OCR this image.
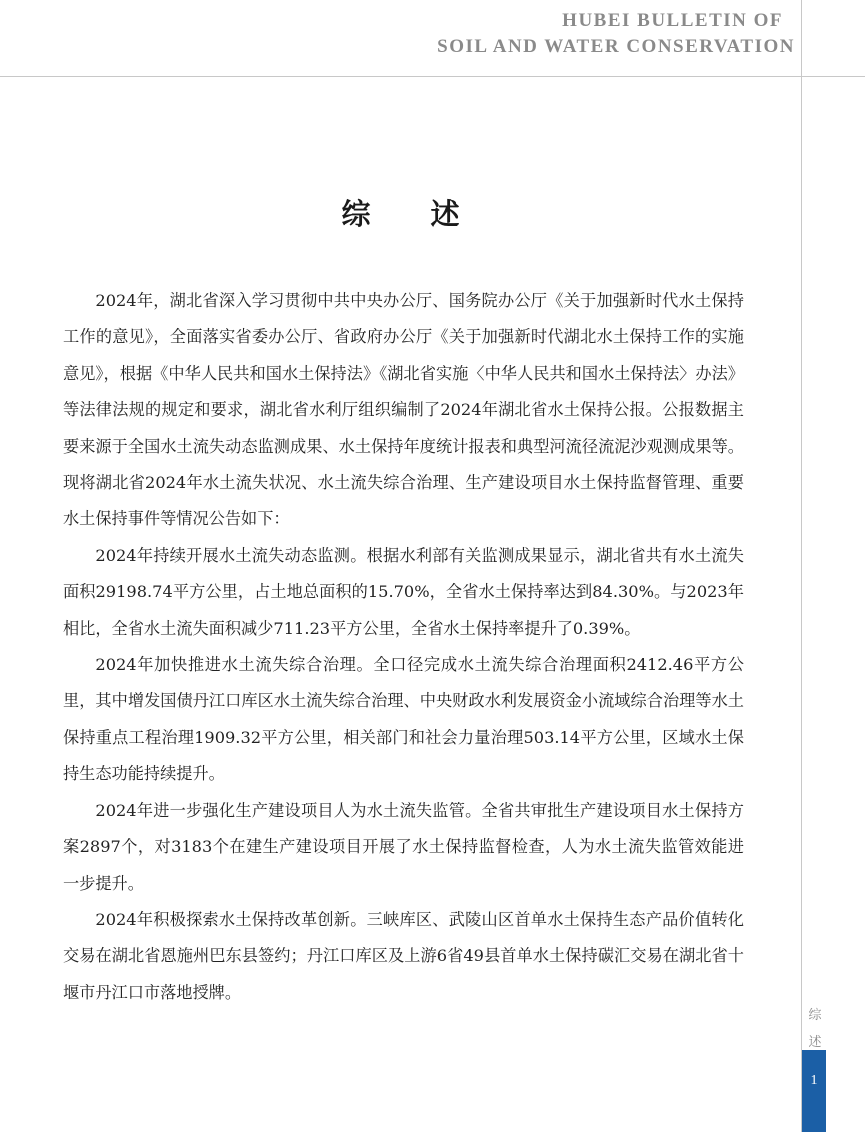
HUBEI BULLETIN OF
SOIL AND WATER CONSERVATION
综述

2024年，湖北省深入学习贯彻中共中央办公厅、国务院办公厅《关于加强新时代水土保持工作的意见》，全面落实省委办公厅、省政府办公厅《关于加强新时代湖北水土保持工作的实施意见》，根据《中华人民共和国水土保持法》《湖北省实施〈中华人民共和国水土保持法〉办法》等法律法规的规定和要求，湖北省水利厅组织编制了2024年湖北省水土保持公报。公报数据主要来源于全国水土流失动态监测成果、水土保持年度统计报表和典型河流径流泥沙观测成果等。现将湖北省2024年水土流失状况、水土流失综合治理、生产建设项目水土保持监督管理、重要水土保持事件等情况公告如下：

2024年持续开展水土流失动态监测。根据水利部有关监测成果显示，湖北省共有水土流失面积29198.74平方公里，占土地总面积的15.70%，全省水土保持率达到84.30%。与2023年相比，全省水土流失面积减少711.23平方公里，全省水土保持率提升了0.39%。

2024年加快推进水土流失综合治理。全口径完成水土流失综合治理面积2412.46平方公里，其中增发国债丹江口库区水土流失综合治理、中央财政水利发展资金小流域综合治理等水土保持重点工程治理1909.32平方公里，相关部门和社会力量治理503.14平方公里，区域水土保持生态功能持续提升。

2024年进一步强化生产建设项目人为水土流失监管。全省共审批生产建设项目水土保持方案2897个，对3183个在建生产建设项目开展了水土保持监督检查，人为水土流失监管效能进一步提升。

2024年积极探索水土保持改革创新。三峡库区、武陵山区首单水土保持生态产品价值转化交易在湖北省恩施州巴东县签约；丹江口库区及上游6省49县首单水土保持碳汇交易在湖北省十堰市丹江口市落地授牌。

综
述
1
